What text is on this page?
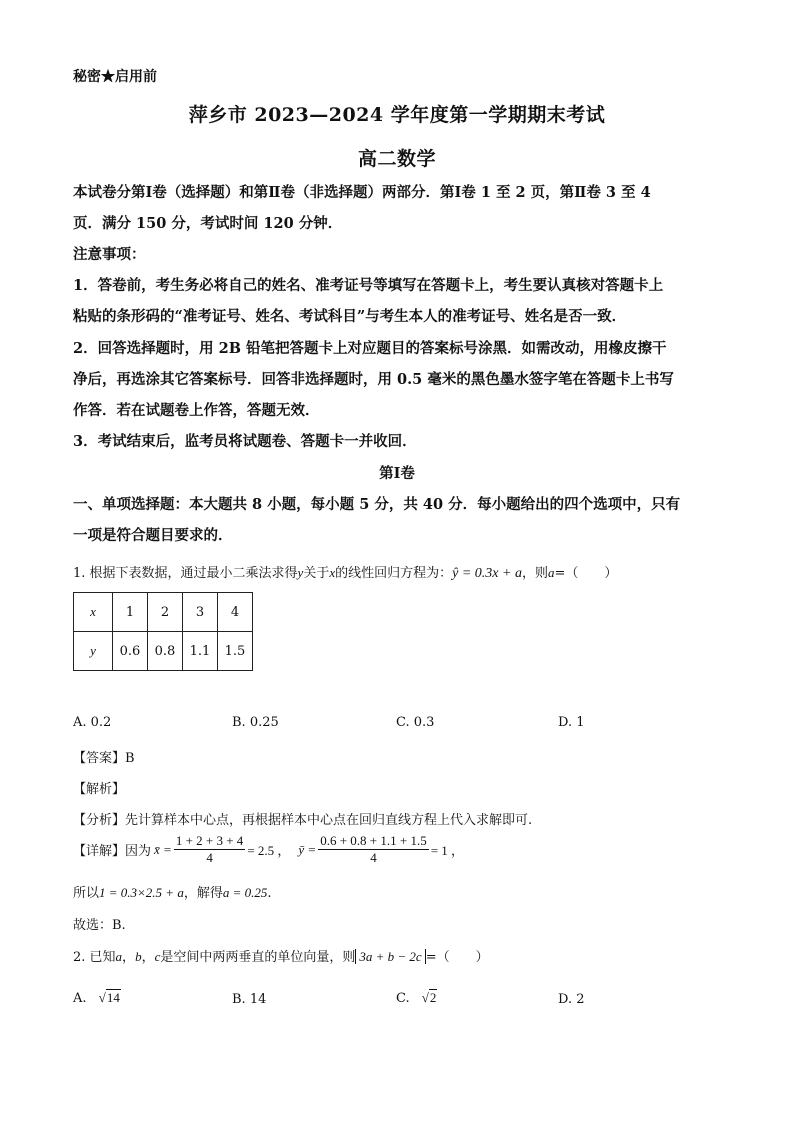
秘密★启用前
萍乡市 2023—2024 学年度第一学期期末考试
高二数学
本试卷分第Ⅰ卷（选择题）和第Ⅱ卷（非选择题）两部分．第Ⅰ卷 1 至 2 页，第Ⅱ卷 3 至 4
页．满分 150 分，考试时间 120 分钟．
注意事项：
1．答卷前，考生务必将自己的姓名、准考证号等填写在答题卡上，考生要认真核对答题卡上
粘贴的条形码的“准考证号、姓名、考试科目”与考生本人的准考证号、姓名是否一致．
2．回答选择题时，用 2B 铅笔把答题卡上对应题目的答案标号涂黑．如需改动，用橡皮擦干
净后，再选涂其它答案标号．回答非选择题时，用 0.5 毫米的黑色墨水签字笔在答题卡上书写
作答．若在试题卷上作答，答题无效．
3．考试结束后，监考员将试题卷、答题卡一并收回．
第Ⅰ卷
一、单项选择题：本大题共 8 小题，每小题 5 分，共 40 分．每小题给出的四个选项中，只有
一项是符合题目要求的．
1. 根据下表数据，通过最小二乘法求得y关于x的线性回归方程为：ŷ = 0.3x + a，则a=（　　）
x	1	2	3	4
y	0.6	0.8	1.1	1.5
A. 0.2	B. 0.25	C. 0.3	D. 1
【答案】B
【解析】
【分析】先计算样本中心点，再根据样本中心点在回归直线方程上代入求解即可.
【详解】因为 x̄ = $\frac{1 + 2 + 3 + 4}{4} = 2.5$ ， ȳ = $\frac{0.6 + 0.8 + 1.1 + 1.5}{4} = 1$ ，
所以1 = 0.3×2.5 + a，解得a = 0.25.
故选：B.
2. 已知a，b，c是空间中两两垂直的单位向量，则 3a + b − 2c =（　　）
A. √14	B. 14	C. √2	D. 2
